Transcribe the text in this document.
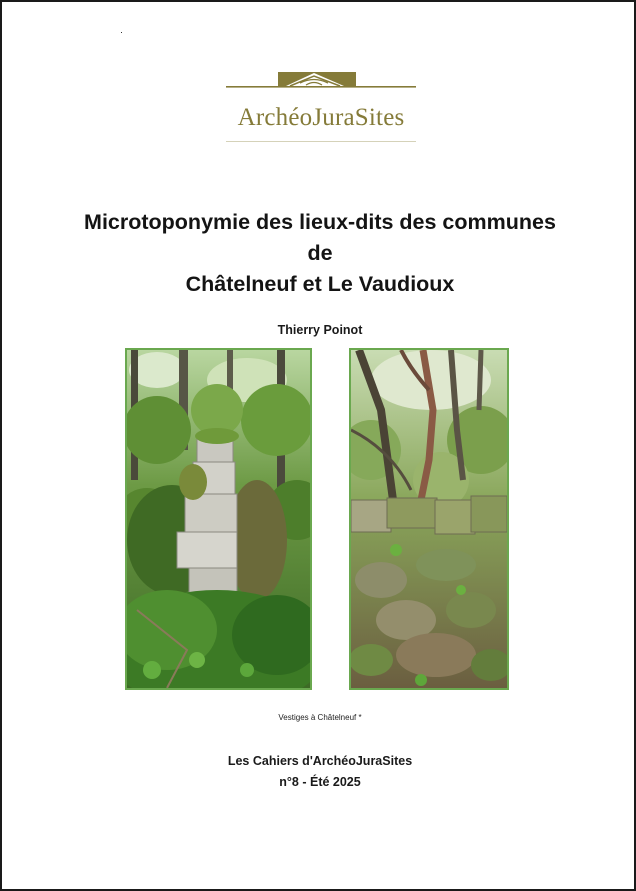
ArchéoJuraSites
Microtoponymie des lieux-dits des communes
de
Châtelneuf et Le Vaudioux
Thierry Poinot
Vestiges à Châtelneuf *
Les Cahiers d'ArchéoJuraSites
n°8 - Été 2025
